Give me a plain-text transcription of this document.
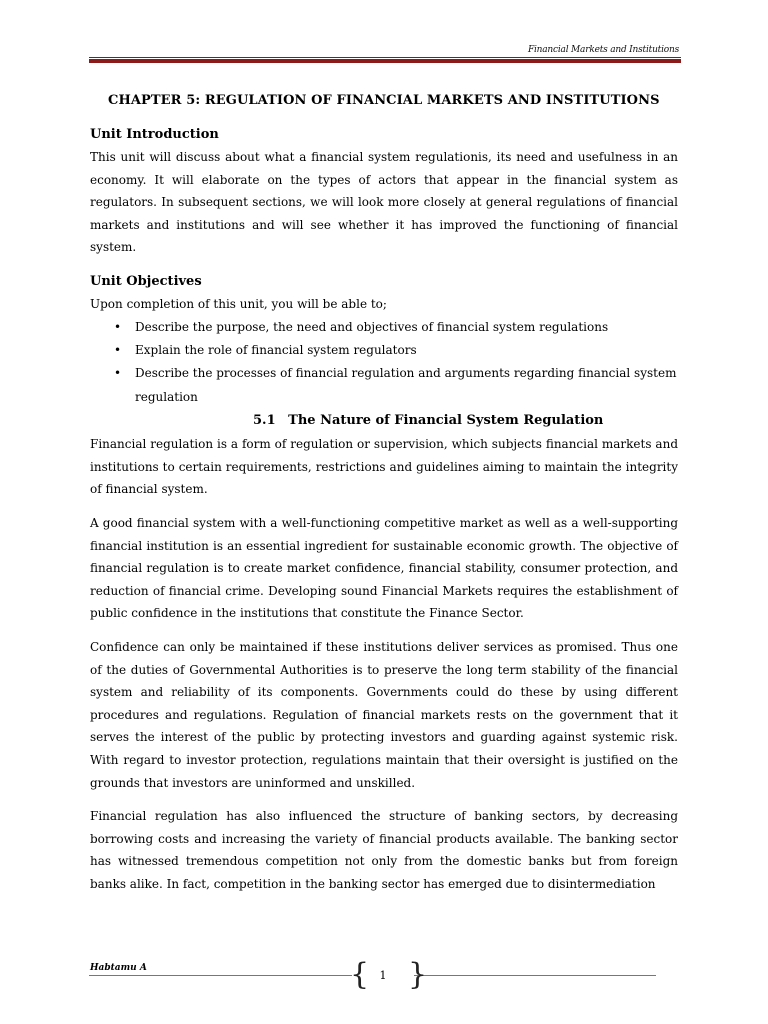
Financial Markets and Institutions
CHAPTER 5: REGULATION OF FINANCIAL MARKETS AND INSTITUTIONS
Unit Introduction

This unit will discuss about what a financial system regulationis, its need and usefulness in an economy. It will elaborate on the types of actors that appear in the financial system as regulators. In subsequent sections, we will look more closely at general regulations of financial markets and institutions and will see whether it has improved the functioning of financial system.

Unit Objectives

Upon completion of this unit, you will be able to;

• Describe the purpose, the need and objectives of financial system regulations
• Explain the role of financial system regulators
• Describe the processes of financial regulation and arguments regarding financial system regulation
5.1 The Nature of Financial System Regulation

Financial regulation is a form of regulation or supervision, which subjects financial markets and institutions to certain requirements, restrictions and guidelines aiming to maintain the integrity of financial system.

A good financial system with a well-functioning competitive market as well as a well-supporting financial institution is an essential ingredient for sustainable economic growth. The objective of financial regulation is to create market confidence, financial stability, consumer protection, and reduction of financial crime. Developing sound Financial Markets requires the establishment of public confidence in the institutions that constitute the Finance Sector.

Confidence can only be maintained if these institutions deliver services as promised. Thus one of the duties of Governmental Authorities is to preserve the long term stability of the financial system and reliability of its components. Governments could do these by using different procedures and regulations. Regulation of financial markets rests on the government that it serves the interest of the public by protecting investors and guarding against systemic risk. With regard to investor protection, regulations maintain that their oversight is justified on the grounds that investors are uninformed and unskilled.

Financial regulation has also influenced the structure of banking sectors, by decreasing borrowing costs and increasing the variety of financial products available. The banking sector has witnessed tremendous competition not only from the domestic banks but from foreign banks alike. In fact, competition in the banking sector has emerged due to disintermediation

Habtamu A	{ 1 }
